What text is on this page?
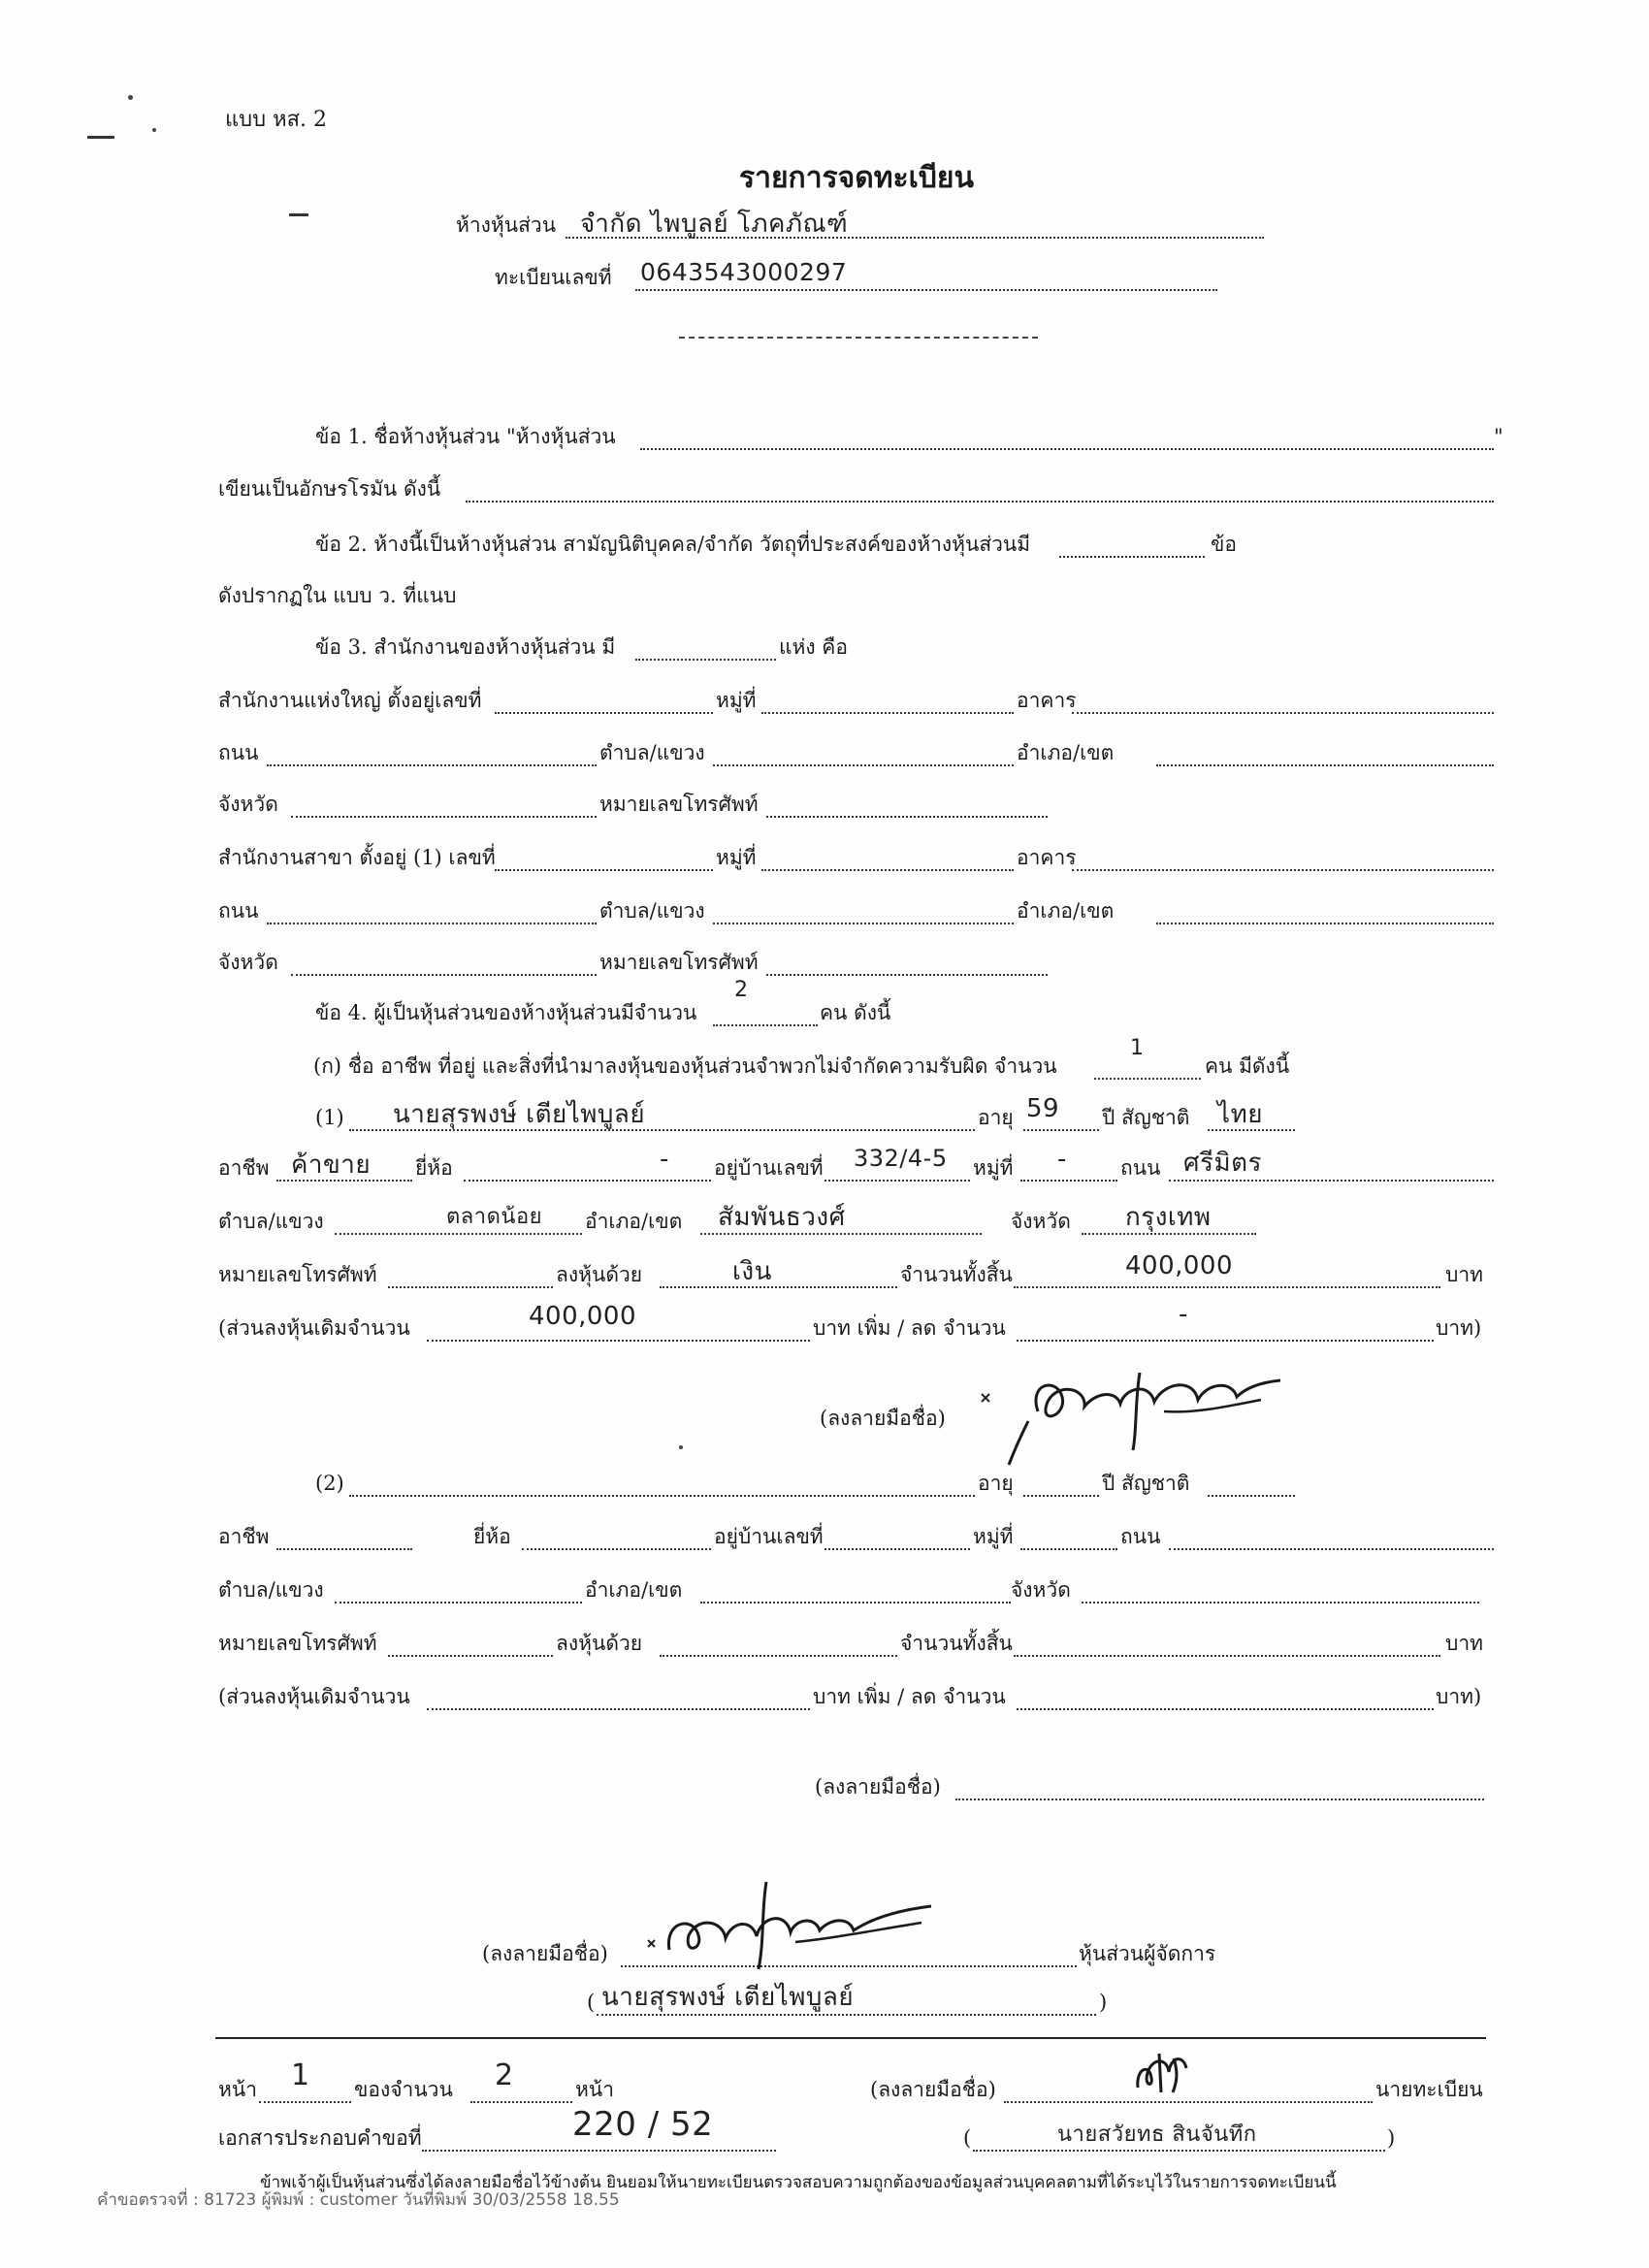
แบบ หส. 2
รายการจดทะเบียน
ห้างหุ้นส่วน จำกัด ไพบูลย์ โภคภัณฑ์
ทะเบียนเลขที่ 0643543000297
ข้อ 1. ชื่อห้างหุ้นส่วน "ห้างหุ้นส่วน	"
เขียนเป็นอักษรโรมัน ดังนี้
ข้อ 2. ห้างนี้เป็นห้างหุ้นส่วน สามัญนิติบุคคล/จำกัด วัตถุที่ประสงค์ของห้างหุ้นส่วนมี	ข้อ
ดังปรากฏใน แบบ ว. ที่แนบ
ข้อ 3. สำนักงานของห้างหุ้นส่วน มี	แห่ง คือ
สำนักงานแห่งใหญ่ ตั้งอยู่เลขที่	หมู่ที่	อาคาร
ถนน	ตำบล/แขวง	อำเภอ/เขต
จังหวัด	หมายเลขโทรศัพท์
สำนักงานสาขา ตั้งอยู่ (1) เลขที่	หมู่ที่	อาคาร
ถนน	ตำบล/แขวง	อำเภอ/เขต
จังหวัด	หมายเลขโทรศัพท์
ข้อ 4. ผู้เป็นหุ้นส่วนของห้างหุ้นส่วนมีจำนวน
2
คน ดังนี้
(ก) ชื่อ อาชีพ ที่อยู่ และสิ่งที่นำมาลงหุ้นของหุ้นส่วนจำพวกไม่จำกัดความรับผิด จำนวน
1
คน มีดังนี้
(1) นายสุรพงษ์ เตียไพบูลย์	อายุ 59 ปี สัญชาติ ไทย
อาชีพ ค้าขาย ยี่ห้อ	- อยู่บ้านเลขที่ 332/4-5 หมู่ที่ -	ถนน ศรีมิตร
ตำบล/แขวง	ตลาดน้อย อำเภอ/เขต สัมพันธวงศ์	จังหวัด กรุงเทพ
หมายเลขโทรศัพท์	ลงหุ้นด้วย	เงิน	จำนวนทั้งสิ้น	400,000	บาท
(ส่วนลงหุ้นเดิมจำนวน	400,000	บาท เพิ่ม / ลด จำนวน	-	บาท)
(ลงลายมือชื่อ)
(2)	อายุ	ปี สัญชาติ
อาชีพ	ยี่ห้อ	อยู่บ้านเลขที่	หมู่ที่	ถนน
ตำบล/แขวง	อำเภอ/เขต	จังหวัด
หมายเลขโทรศัพท์	ลงหุ้นด้วย	จำนวนทั้งสิ้น	บาท
(ส่วนลงหุ้นเดิมจำนวน	บาท เพิ่ม / ลด จำนวน	บาท)
(ลงลายมือชื่อ)
(ลงลายมือชื่อ)	หุ้นส่วนผู้จัดการ
( นายสุรพงษ์ เตียไพบูลย์	)
หน้า 1 ของจำนวน 2	หน้า	(ลงลายมือชื่อ)	นายทะเบียน
เอกสารประกอบคำขอที่	220 / 52	(	นายสวัยทธ สินจันทึก	)
ข้าพเจ้าผู้เป็นหุ้นส่วนซึ่งได้ลงลายมือชื่อไว้ข้างต้น ยินยอมให้นายทะเบียนตรวจสอบความถูกต้องของข้อมูลส่วนบุคคลตามที่ได้ระบุไว้ในรายการจดทะเบียนนี้
คำขอตรวจที่ : 81723 ผู้พิมพ์ : customer วันที่พิมพ์ 30/03/2558 18.55
